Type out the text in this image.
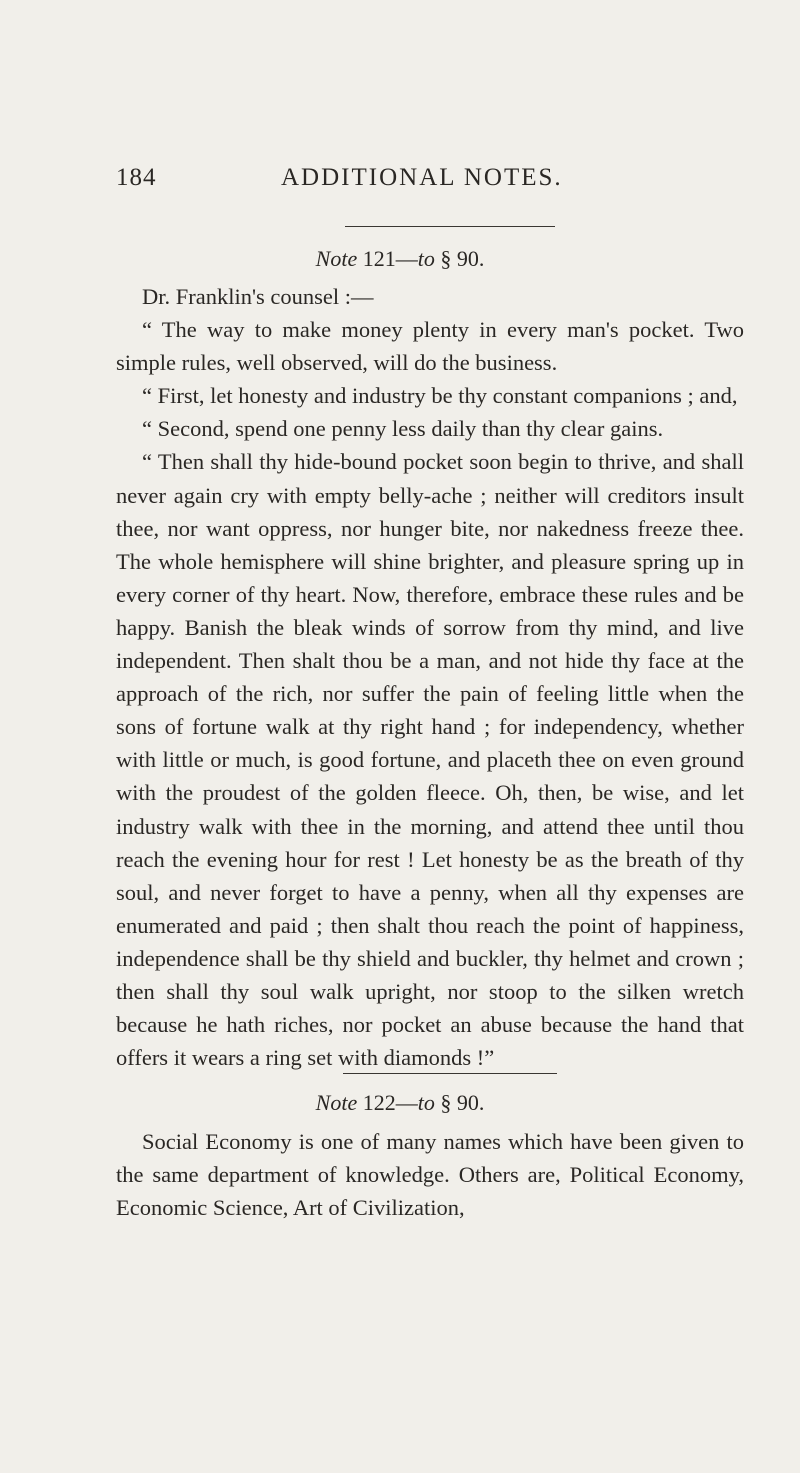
184	ADDITIONAL NOTES.
Note 121—to § 90.

Dr. Franklin's counsel :—

“ The way to make money plenty in every man's pocket. Two simple rules, well observed, will do the business.

“ First, let honesty and industry be thy constant companions ; and,

“ Second, spend one penny less daily than thy clear gains.

“ Then shall thy hide-bound pocket soon begin to thrive, and shall never again cry with empty belly-ache ; neither will creditors insult thee, nor want oppress, nor hunger bite, nor nakedness freeze thee. The whole hemisphere will shine brighter, and pleasure spring up in every corner of thy heart. Now, therefore, embrace these rules and be happy. Banish the bleak winds of sorrow from thy mind, and live independent. Then shalt thou be a man, and not hide thy face at the approach of the rich, nor suffer the pain of feeling little when the sons of fortune walk at thy right hand ; for independency, whether with little or much, is good fortune, and placeth thee on even ground with the proudest of the golden fleece. Oh, then, be wise, and let industry walk with thee in the morning, and attend thee until thou reach the evening hour for rest ! Let honesty be as the breath of thy soul, and never forget to have a penny, when all thy expenses are enumerated and paid ; then shalt thou reach the point of happiness, independence shall be thy shield and buckler, thy helmet and crown ; then shall thy soul walk upright, nor stoop to the silken wretch because he hath riches, nor pocket an abuse because the hand that offers it wears a ring set with diamonds !”

Note 122—to § 90.

Social Economy is one of many names which have been given to the same department of knowledge. Others are, Political Economy, Economic Science, Art of Civilization,
